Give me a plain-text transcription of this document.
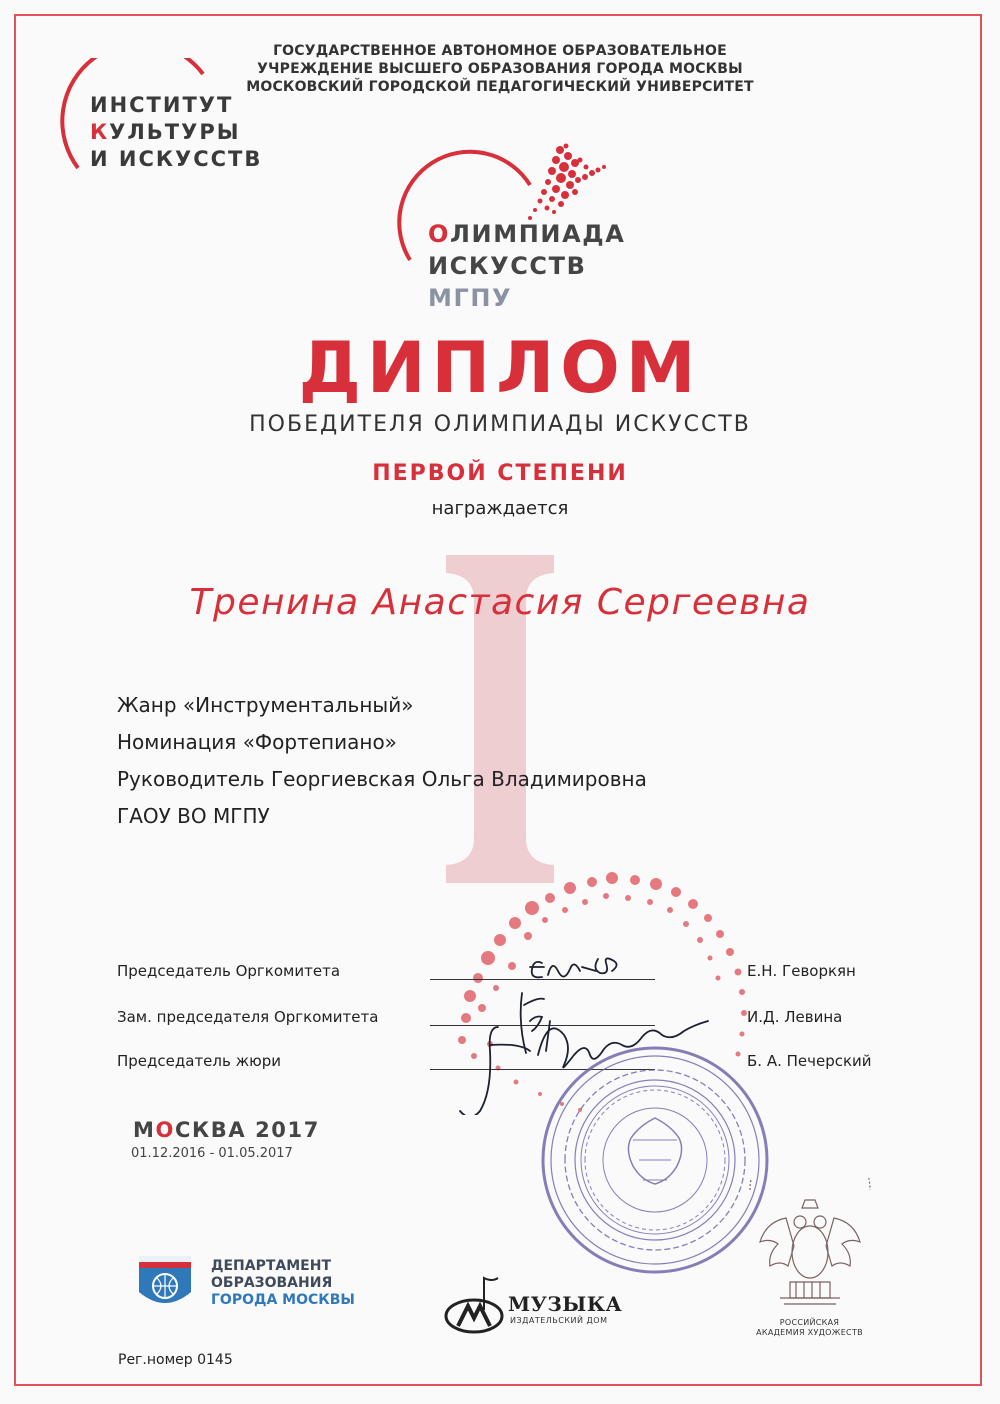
ГОСУДАРСТВЕННОЕ АВТОНОМНОЕ ОБРАЗОВАТЕЛЬНОЕ
УЧРЕЖДЕНИЕ ВЫСШЕГО ОБРАЗОВАНИЯ ГОРОДА МОСКВЫ
МОСКОВСКИЙ ГОРОДСКОЙ ПЕДАГОГИЧЕСКИЙ УНИВЕРСИТЕТ
ИНСТИТУТ
КУЛЬТУРЫ
И ИСКУССТВ
ОЛИМПИАДА
ИСКУССТВ
МГПУ
ДИПЛОМ
ПОБЕДИТЕЛЯ ОЛИМПИАДЫ ИСКУССТВ
ПЕРВОЙ СТЕПЕНИ
награждается
Тренина Анастасия Сергеевна
Жанр «Инструментальный»
Номинация «Фортепиано»
Руководитель Георгиевская Ольга Владимировна
ГАОУ ВО МГПУ
Председатель Оргкомитета	Е.Н. Геворкян
Зам. председателя Оргкомитета	И.Д. Левина
Председатель жюри	Б. А. Печерский
МОСКВА 2017
01.12.2016 - 01.05.2017
ДЕПАРТАМЕНТ
ОБРАЗОВАНИЯ
ГОРОДА МОСКВЫ	МУЗЫКА
ИЗДАТЕЛЬСКИЙ ДОМ	РОССИЙСКАЯ
АКАДЕМИЯ ХУДОЖЕСТВ
Рег.номер 0145
